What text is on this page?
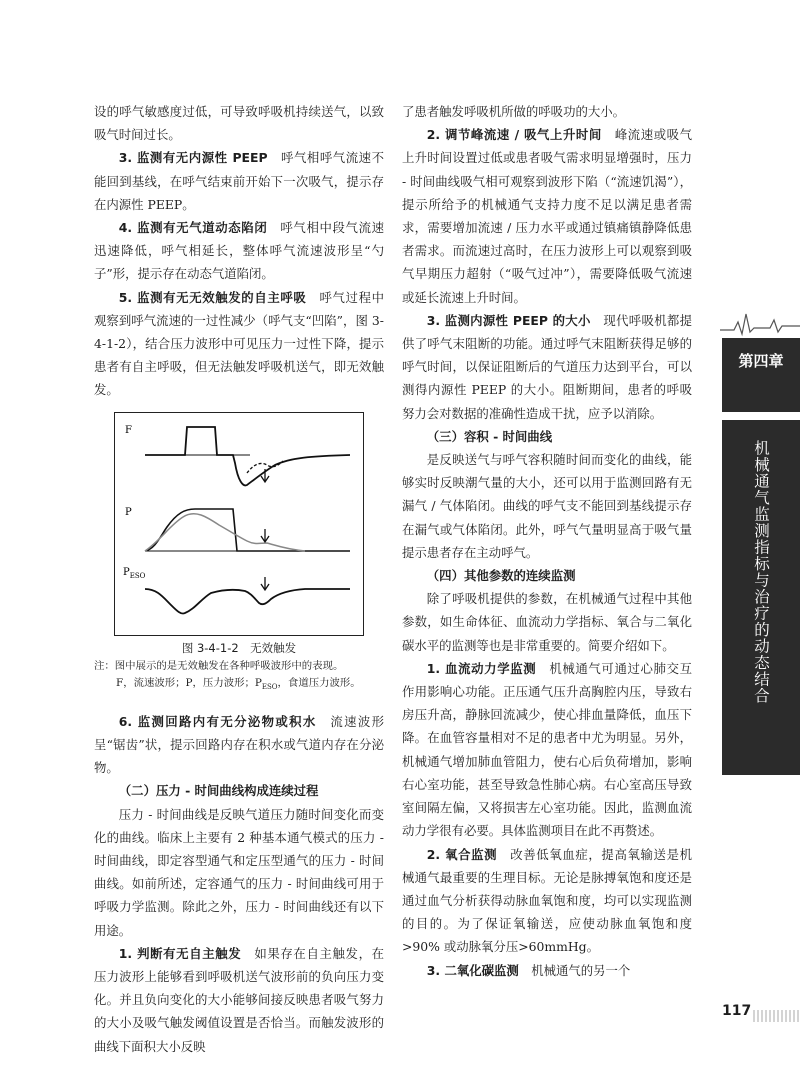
设的呼气敏感度过低，可导致呼吸机持续送气，以致吸气时间过长。

3. 监测有无内源性 PEEP　 呼气相呼气流速不能回到基线，在呼气结束前开始下一次吸气，提示存在内源性 PEEP。

4. 监测有无气道动态陷闭　 呼气相中段气流速迅速降低，呼气相延长，整体呼气流速波形呈“勺子”形，提示存在动态气道陷闭。

5. 监测有无无效触发的自主呼吸　 呼气过程中观察到呼气流速的一过性减少（呼气支“凹陷”，图 3-4-1-2），结合压力波形中可见压力一过性下降，提示患者有自主呼吸，但无法触发呼吸机送气，即无效触发。

F
P
$P_{ESO}$
图 3-4-1-2　无效触发

注：图中展示的是无效触发在各种呼吸波形中的表现。

F，流速波形；P，压力波形；$P_{ESO}$，食道压力波形。

6. 监测回路内有无分泌物或积水　 流速波形呈“锯齿”状，提示回路内存在积水或气道内存在分泌物。

（二）压力 - 时间曲线构成连续过程

压力 - 时间曲线是反映气道压力随时间变化而变化的曲线。临床上主要有 2 种基本通气模式的压力 - 时间曲线，即定容型通气和定压型通气的压力 - 时间曲线。如前所述，定容通气的压力 - 时间曲线可用于呼吸力学监测。除此之外，压力 - 时间曲线还有以下用途。

1. 判断有无自主触发　 如果存在自主触发，在压力波形上能够看到呼吸机送气波形前的负向压力变化。并且负向变化的大小能够间接反映患者吸气努力的大小及吸气触发阈值设置是否恰当。而触发波形的曲线下面积大小反映

了患者触发呼吸机所做的呼吸功的大小。

2. 调节峰流速 / 吸气上升时间　 峰流速或吸气上升时间设置过低或患者吸气需求明显增强时，压力 - 时间曲线吸气相可观察到波形下陷（“流速饥渴”），提示所给予的机械通气支持力度不足以满足患者需求，需要增加流速 / 压力水平或通过镇痛镇静降低患者需求。而流速过高时，在压力波形上可以观察到吸气早期压力超射（“吸气过冲”），需要降低吸气流速或延长流速上升时间。

3. 监测内源性 PEEP 的大小　 现代呼吸机都提供了呼气末阻断的功能。通过呼气末阻断获得足够的呼气时间，以保证阻断后的气道压力达到平台，可以测得内源性 PEEP 的大小。阻断期间，患者的呼吸努力会对数据的准确性造成干扰，应予以消除。

（三）容积 - 时间曲线

是反映送气与呼气容积随时间而变化的曲线，能够实时反映潮气量的大小，还可以用于监测回路有无漏气 / 气体陷闭。曲线的呼气支不能回到基线提示存在漏气或气体陷闭。此外，呼气气量明显高于吸气量提示患者存在主动呼气。

（四）其他参数的连续监测

除了呼吸机提供的参数，在机械通气过程中其他参数，如生命体征、血流动力学指标、氧合与二氧化碳水平的监测等也是非常重要的。简要介绍如下。

1. 血流动力学监测　 机械通气可通过心肺交互作用影响心功能。正压通气压升高胸腔内压，导致右房压升高，静脉回流减少，使心排血量降低，血压下降。在血管容量相对不足的患者中尤为明显。另外，机械通气增加肺血管阻力，使右心后负荷增加，影响右心室功能，甚至导致急性肺心病。右心室高压导致室间隔左偏，又将损害左心室功能。因此，监测血流动力学很有必要。具体监测项目在此不再赘述。

2. 氧合监测　 改善低氧血症，提高氧输送是机械通气最重要的生理目标。无论是脉搏氧饱和度还是通过血气分析获得动脉血氧饱和度，均可以实现监测的目的。为了保证氧输送，应使动脉血氧饱和度>90% 或动脉氧分压>60mmHg。

3. 二氧化碳监测　 机械通气的另一个

第四章
机械通气监测指标与治疗的动态结合
117
